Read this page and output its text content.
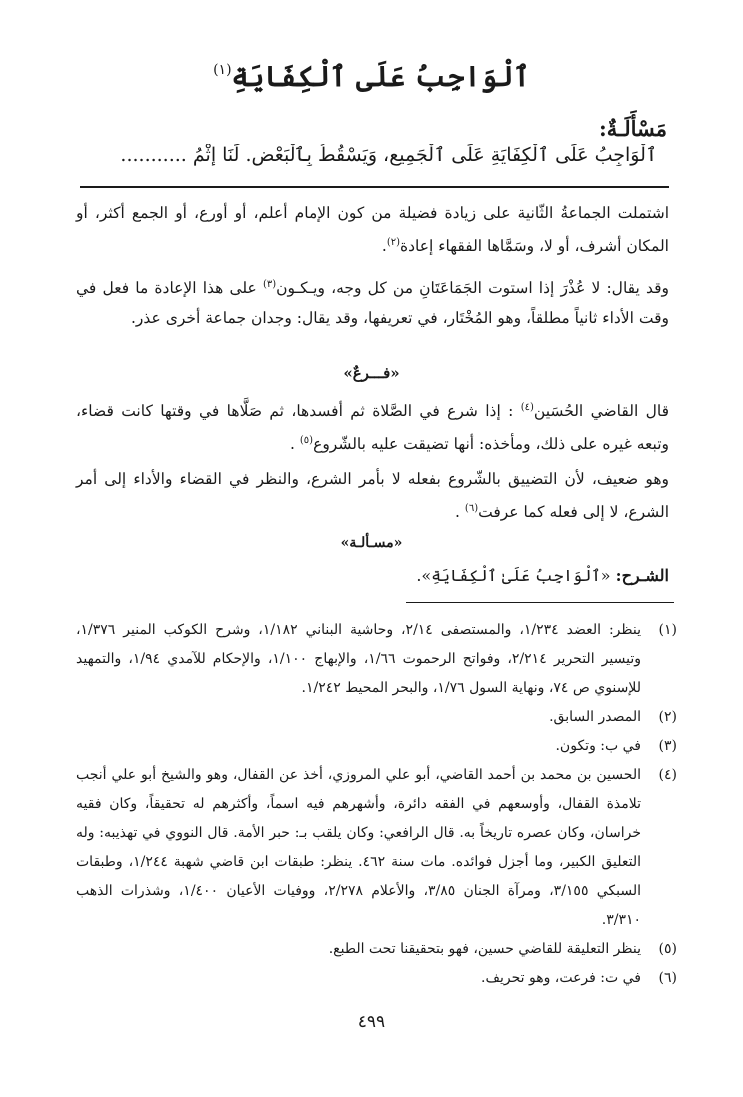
ٱلْوَاجِبُ عَلَى ٱلْكِفَايَةِ$^{(١)}$
مَسْأَلَـةٌ:
ٱلْوَاجِبُ عَلَى ٱلْكِفَايَةِ عَلَى ٱلْجَمِيعِ، وَيَسْقُطُ بِٱلْبَعْضِ. لَنَا إِثْمُ ...........
اشتملت الجماعةُ الثّانية على زيادة فضيلة من كون الإمام أعلم، أو أورع، أو الجمع أكثر، أو المكان أشرف، أو لا، وسَمَّاها الفقهاء إعادة$^{(٢)}$.
وقد يقال: لا عُذْرَ إذا استوت الجَمَاعَتَانِ من كل وجه، ويـكـون$^{(٣)}$ على هذا الإعادة ما فعل في وقت الأداء ثانياً مطلقاً، وهو المُخْتَار، في تعريفها، وقد يقال: وجدان جماعة أخرى عذر.
«فـــرعٌ»
قال القاضي الحُسَين$^{(٤)}$ : إذا شرع في الصَّلاة ثم أفسدها، ثم صَلَّاها في وقتها كانت قضاء، وتبعه غيره على ذلك، ومأخذه: أنها تضيقت عليه بالشّروع$^{(٥)}$ .
وهو ضعيف، لأن التضييق بالشّروع بفعله لا بأمر الشرع، والنظر في القضاء والأداء إلى أمر الشرع، لا إلى فعله كما عرفت$^{(٦)}$ .
«مسـألـة»
الشـرح: «ٱلْوَاجِبُ عَلَىٰ ٱلْكِفَايَةِ».
(١)
ينظر: العضد ١/٢٣٤، والمستصفى ٢/١٤، وحاشية البناني ١/١٨٢، وشرح الكوكب المنير ١/٣٧٦، وتيسير التحرير ٢/٢١٤، وفواتح الرحموت ١/٦٦، والإبهاج ١/١٠٠، والإحكام للآمدي ١/٩٤، والتمهيد للإسنوي ص ٧٤، ونهاية السول ١/٧٦، والبحر المحيط ١/٢٤٢.
(٢)
المصدر السابق.
(٣)
في ب: وتكون.
(٤)
الحسين بن محمد بن أحمد القاضي، أبو علي المروزي، أخذ عن القفال، وهو والشيخ أبو علي أنجب تلامذة القفال، وأوسعهم في الفقه دائرة، وأشهرهم فيه اسماً، وأكثرهم له تحقيقاً، وكان فقيه خراسان، وكان عصره تاريخاً به. قال الرافعي: وكان يلقب بـ: حبر الأمة. قال النووي في تهذيبه: وله التعليق الكبير، وما أجزل فوائده. مات سنة ٤٦٢. ينظر: طبقات ابن قاضي شهبة ١/٢٤٤، وطبقات السبكي ٣/١٥٥، ومرآة الجنان ٣/٨٥، والأعلام ٢/٢٧٨، ووفيات الأعيان ١/٤٠٠، وشذرات الذهب ٣/٣١٠.
(٥)
ينظر التعليقة للقاضي حسين، فهو بتحقيقنا تحت الطبع.
(٦)
في ت: فرعت، وهو تحريف.
٤٩٩
